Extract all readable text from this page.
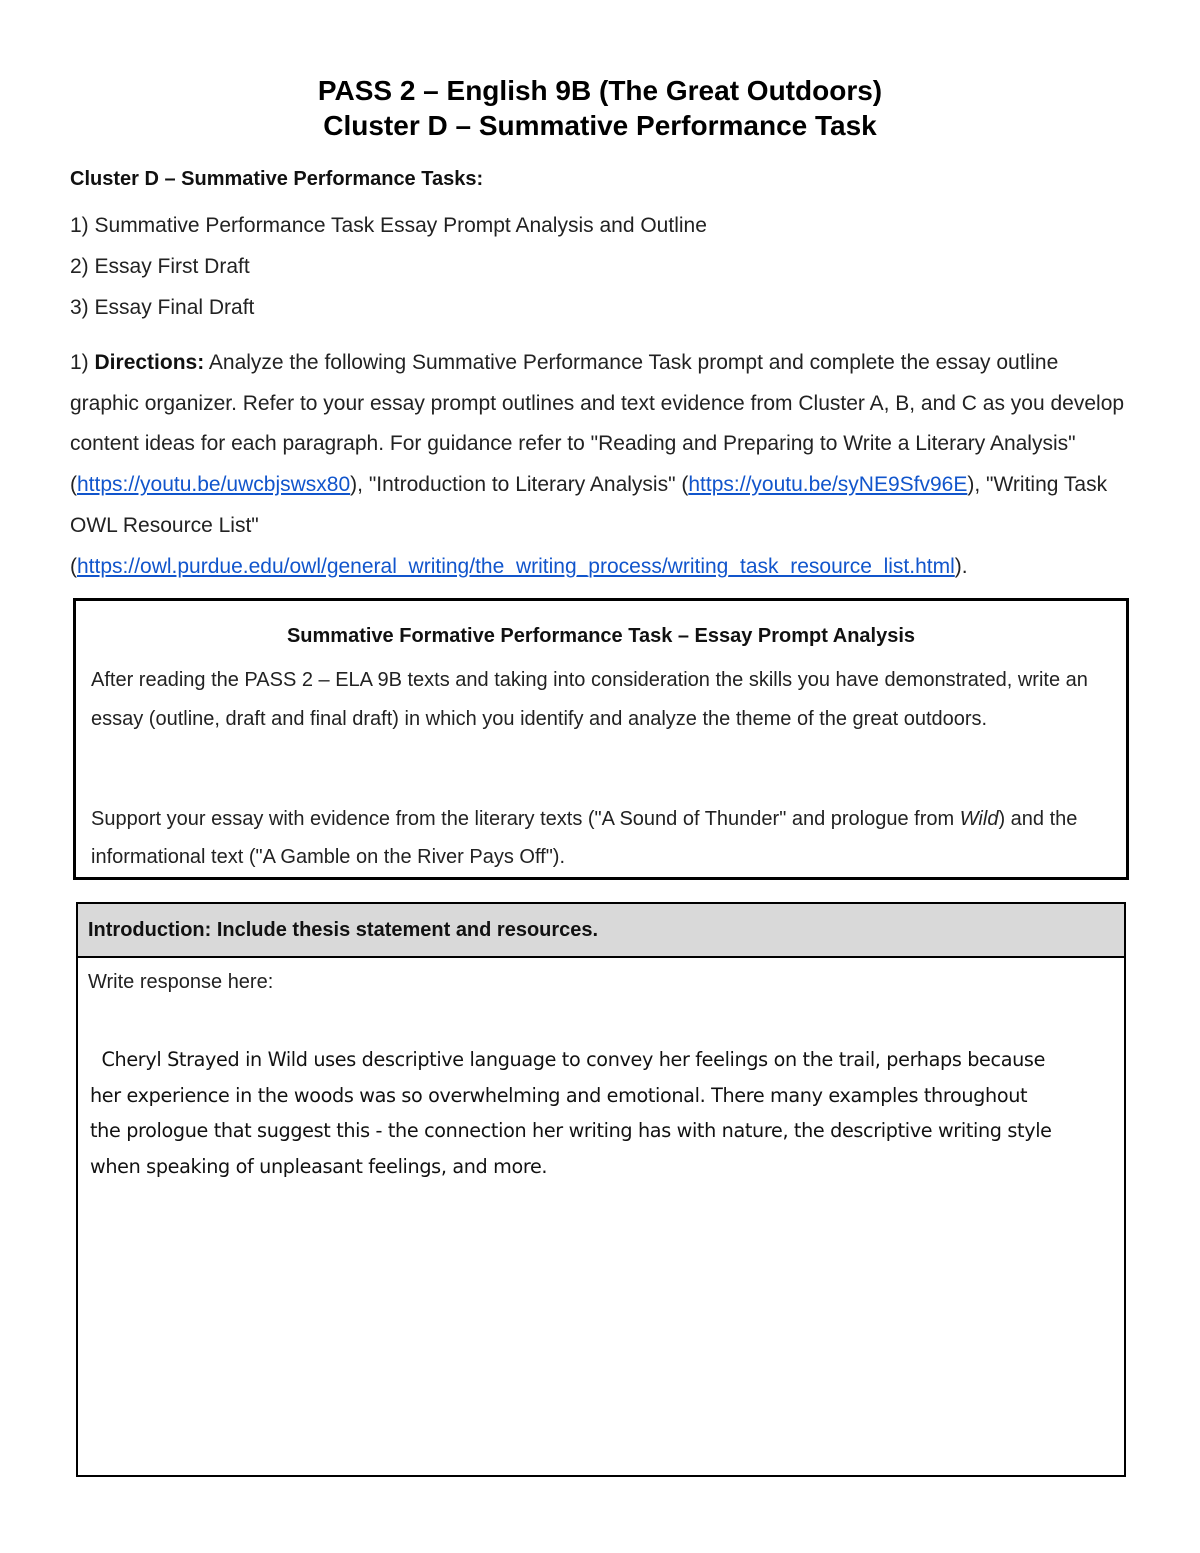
PASS 2 – English 9B (The Great Outdoors)
Cluster D – Summative Performance Task
Cluster D – Summative Performance Tasks:
1) Summative Performance Task Essay Prompt Analysis and Outline
2) Essay First Draft
3) Essay Final Draft
1) Directions: Analyze the following Summative Performance Task prompt and complete the essay outline graphic organizer. Refer to your essay prompt outlines and text evidence from Cluster A, B, and C as you develop content ideas for each paragraph. For guidance refer to "Reading and Preparing to Write a Literary Analysis" (https://youtu.be/uwcbjswsx80), "Introduction to Literary Analysis" (https://youtu.be/syNE9Sfv96E), "Writing Task OWL Resource List" (https://owl.purdue.edu/owl/general_writing/the_writing_process/writing_task_resource_list.html).
Summative Formative Performance Task – Essay Prompt Analysis
After reading the PASS 2 – ELA 9B texts and taking into consideration the skills you have demonstrated, write an essay (outline, draft and final draft) in which you identify and analyze the theme of the great outdoors.
Support your essay with evidence from the literary texts ("A Sound of Thunder" and prologue from Wild) and the informational text ("A Gamble on the River Pays Off").
Introduction: Include thesis statement and resources.
Write response here:
Cheryl Strayed in Wild uses descriptive language to convey her feelings on the trail, perhaps because
her experience in the woods was so overwhelming and emotional. There many examples throughout
the prologue that suggest this - the connection her writing has with nature, the descriptive writing style
when speaking of unpleasant feelings, and more.
